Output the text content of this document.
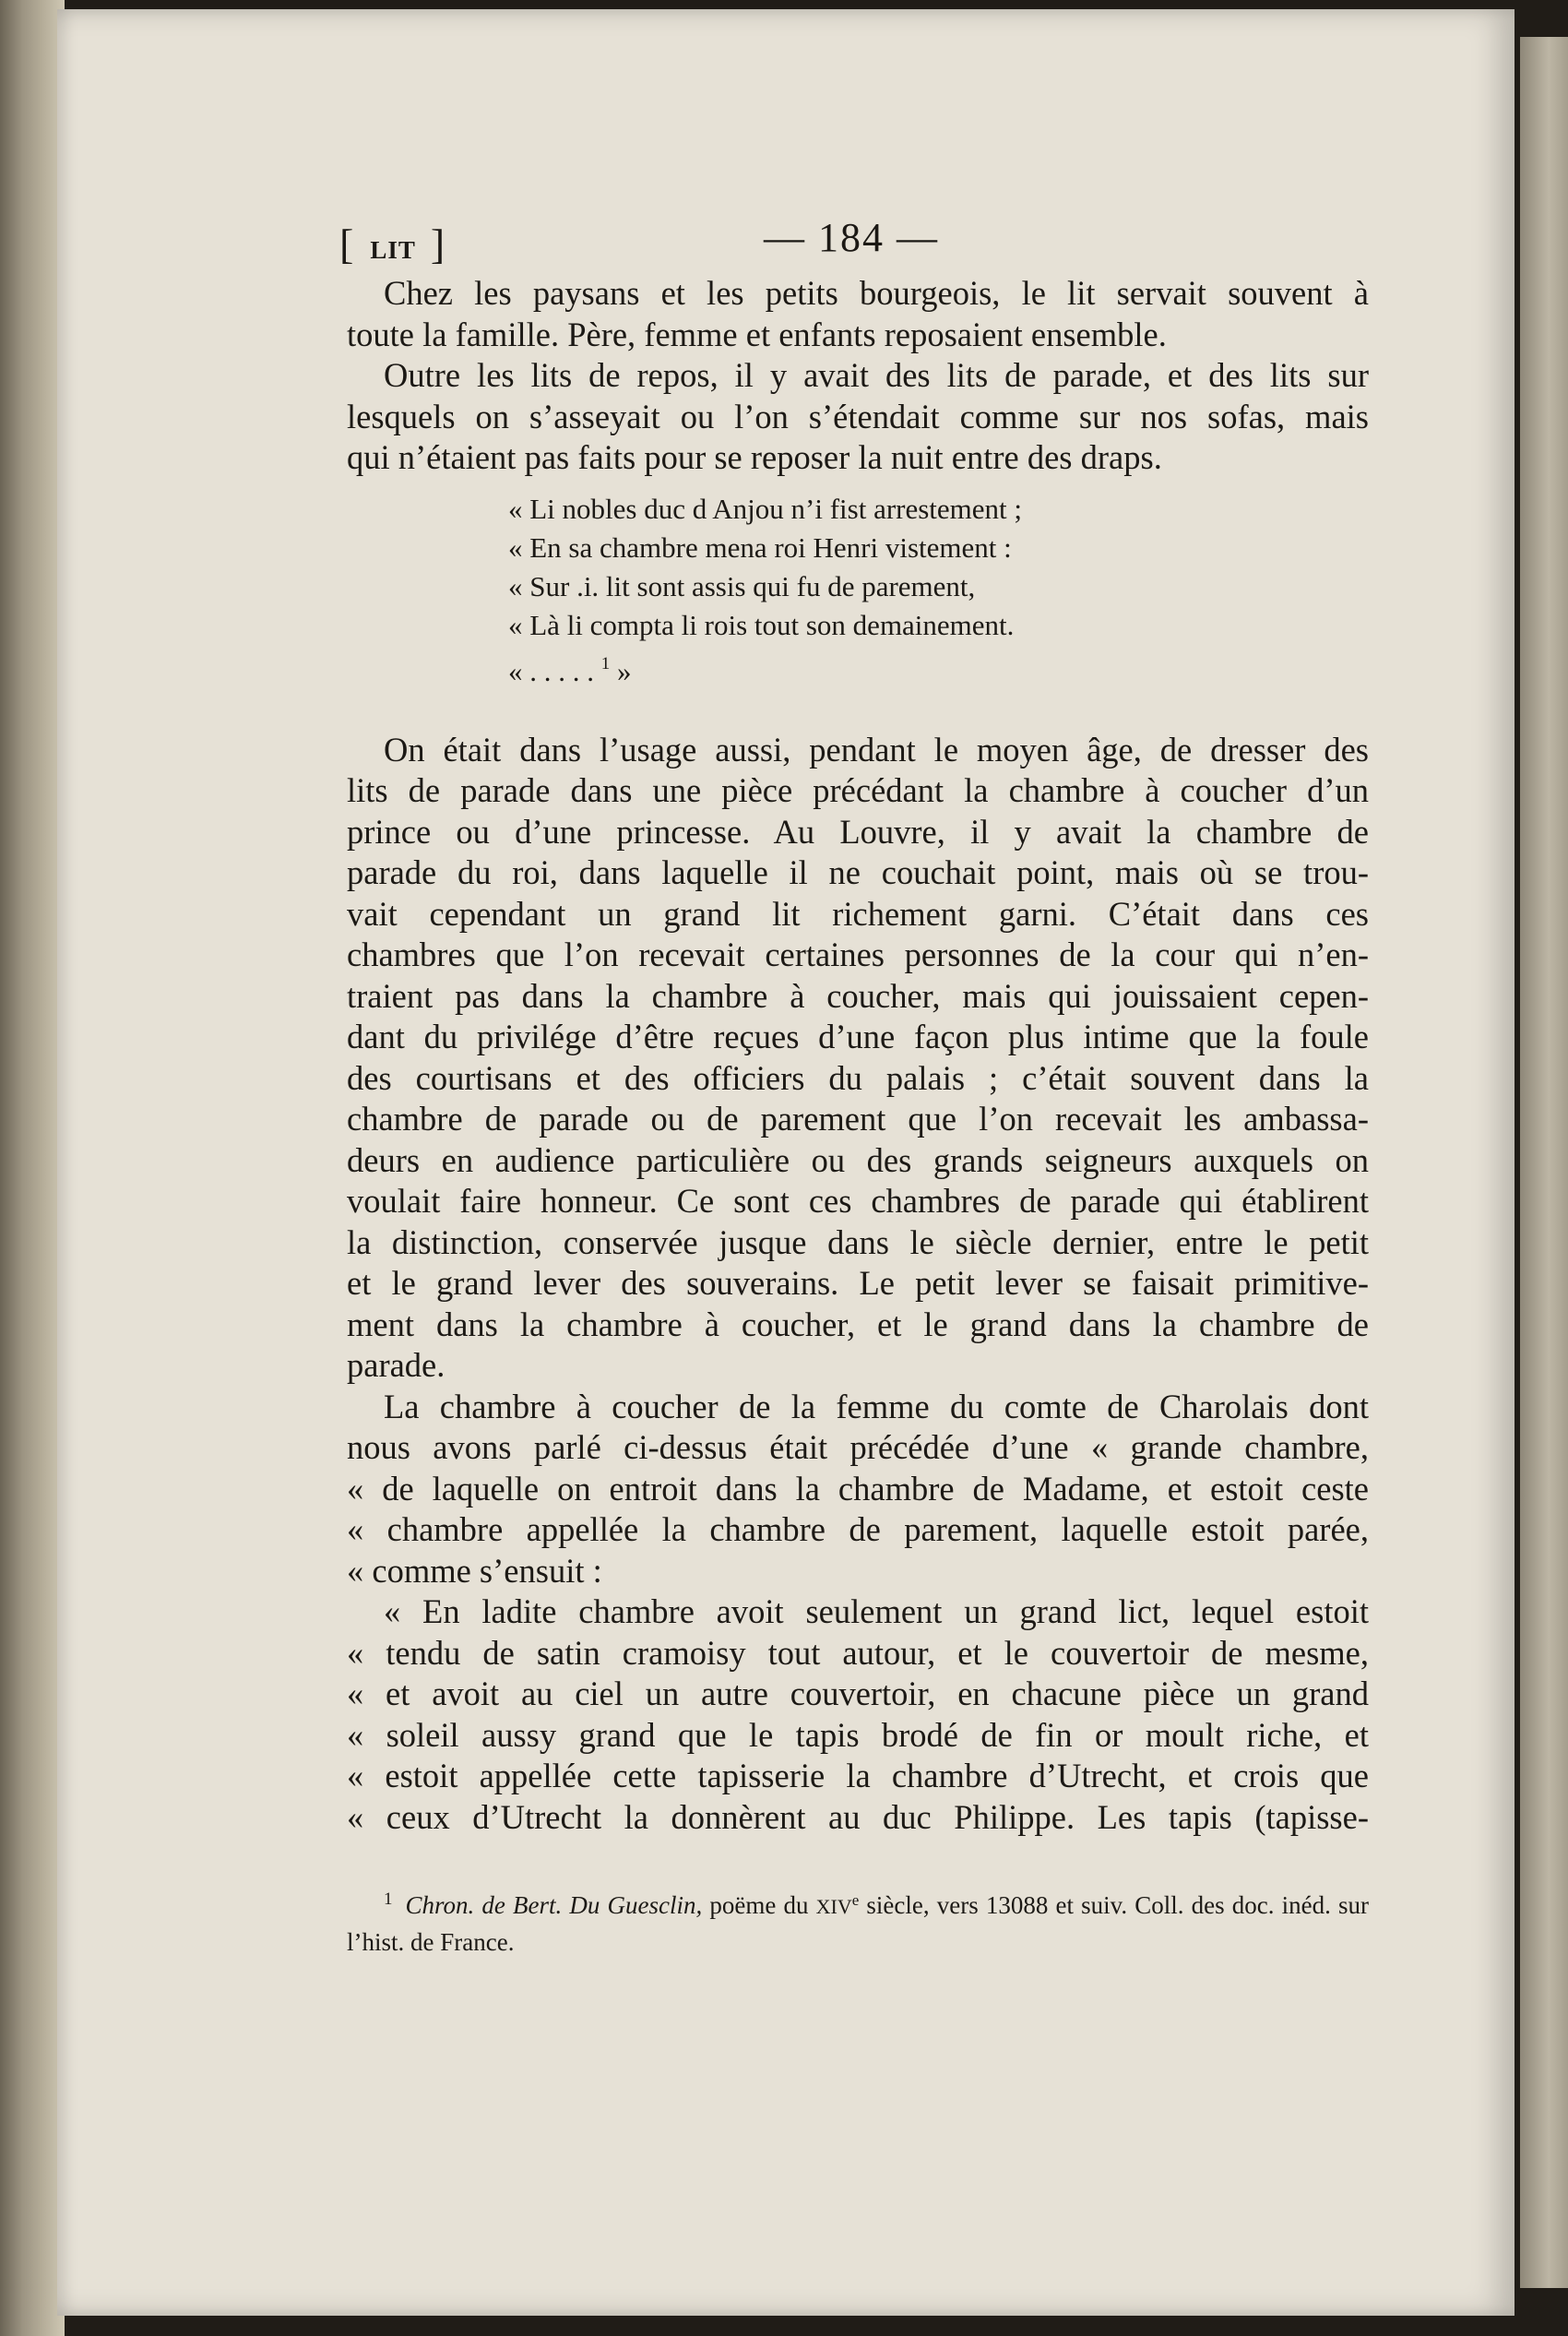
[ LIT ]	— 184 —

Chez les paysans et les petits bourgeois, le lit servait souvent à
toute la famille. Père, femme et enfants reposaient ensemble.

Outre les lits de repos, il y avait des lits de parade, et des lits sur
lesquels on s’asseyait ou l’on s’étendait comme sur nos sofas, mais
qui n’étaient pas faits pour se reposer la nuit entre des draps.

« Li nobles duc d Anjou n’i fist arrestement ;
« En sa chambre mena roi Henri vistement :
« Sur .i. lit sont assis qui fu de parement,
« Là li compta li rois tout son demainement.
« . . . . . $^1$ »

On était dans l’usage aussi, pendant le moyen âge, de dresser des
lits de parade dans une pièce précédant la chambre à coucher d’un
prince ou d’une princesse. Au Louvre, il y avait la chambre de
parade du roi, dans laquelle il ne couchait point, mais où se trou-
vait cependant un grand lit richement garni. C’était dans ces
chambres que l’on recevait certaines personnes de la cour qui n’en-
traient pas dans la chambre à coucher, mais qui jouissaient cepen-
dant du privilége d’être reçues d’une façon plus intime que la foule
des courtisans et des officiers du palais ; c’était souvent dans la
chambre de parade ou de parement que l’on recevait les ambassa-
deurs en audience particulière ou des grands seigneurs auxquels on
voulait faire honneur. Ce sont ces chambres de parade qui établirent
la distinction, conservée jusque dans le siècle dernier, entre le petit
et le grand lever des souverains. Le petit lever se faisait primitive-
ment dans la chambre à coucher, et le grand dans la chambre de
parade.

La chambre à coucher de la femme du comte de Charolais dont
nous avons parlé ci-dessus était précédée d’une « grande chambre,
« de laquelle on entroit dans la chambre de Madame, et estoit ceste
« chambre appellée la chambre de parement, laquelle estoit parée,
« comme s’ensuit :

« En ladite chambre avoit seulement un grand lict, lequel estoit
« tendu de satin cramoisy tout autour, et le couvertoir de mesme,
« et avoit au ciel un autre couvertoir, en chacune pièce un grand
« soleil aussy grand que le tapis brodé de fin or moult riche, et
« estoit appellée cette tapisserie la chambre d’Utrecht, et crois que
« ceux d’Utrecht la donnèrent au duc Philippe. Les tapis (tapisse-

$^1$ Chron. de Bert. Du Guesclin, poëme du XIVe siècle, vers 13088 et suiv. Coll. des doc. inéd. sur l’hist. de France.
